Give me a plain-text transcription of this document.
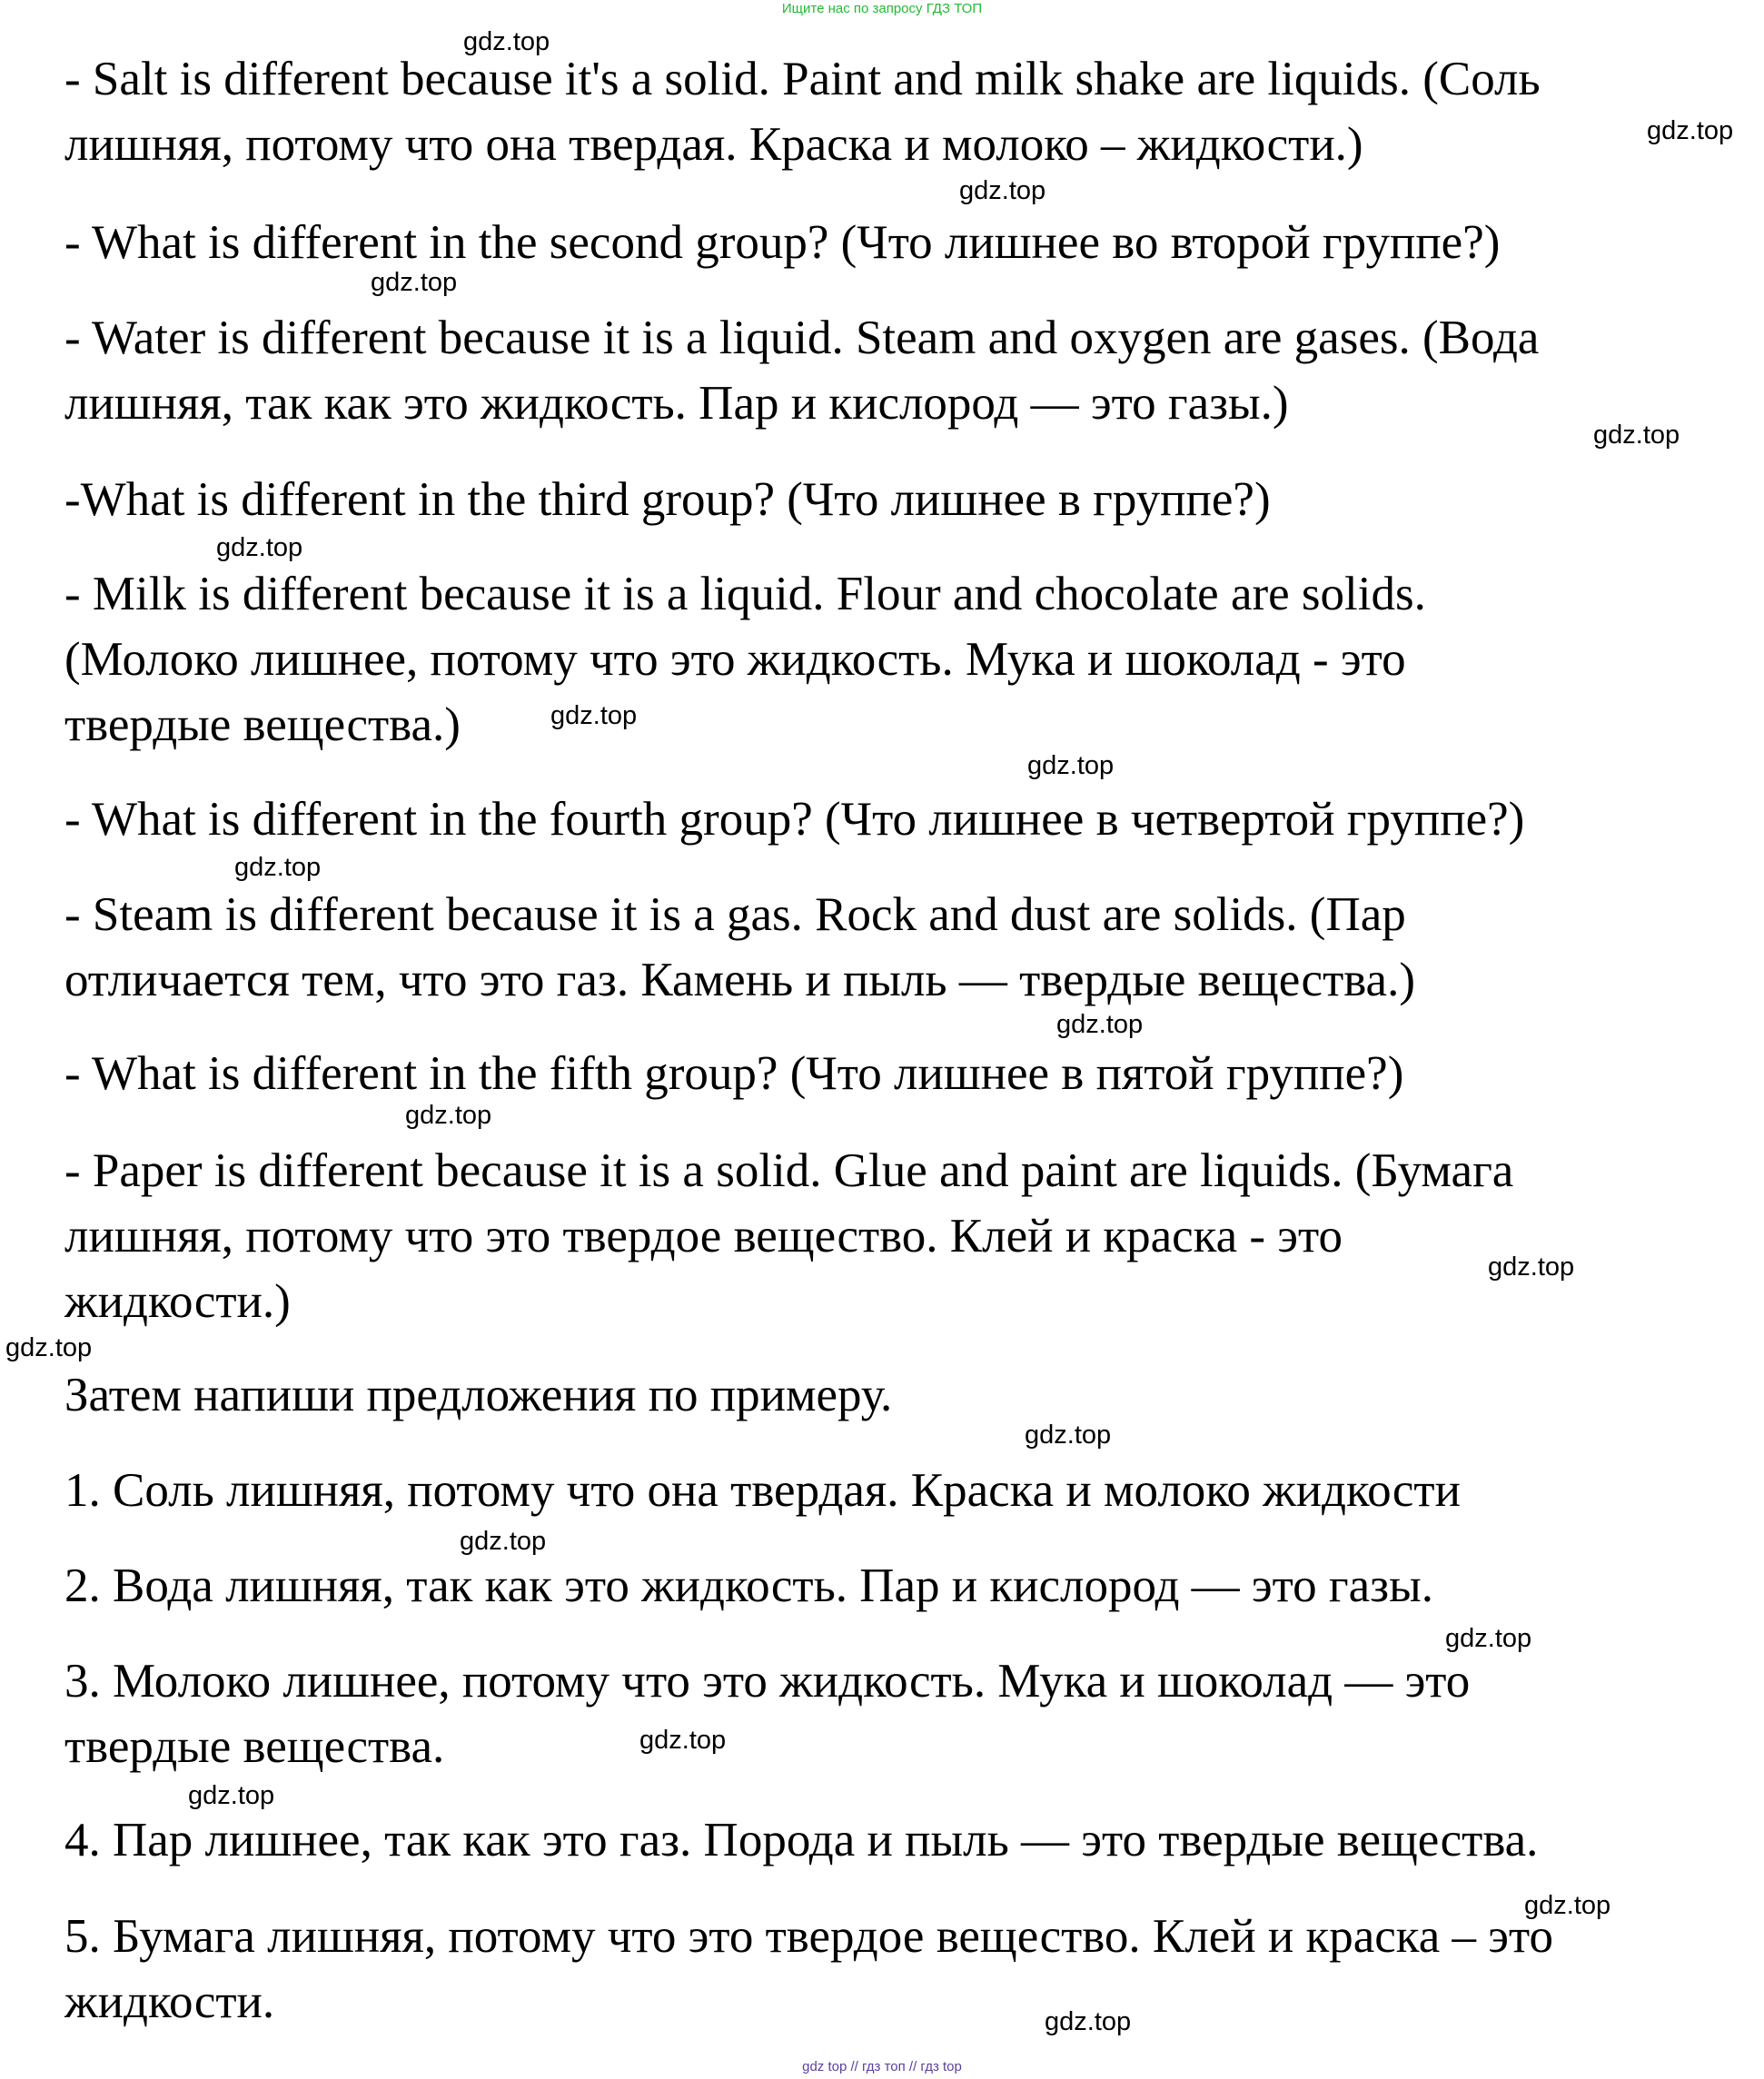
Ищите нас по запросу ГДЗ ТОП
- Salt is different because it's a solid. Paint and milk shake are liquids. (Соль
лишняя, потому что она твердая. Краска и молоко – жидкости.)
- What is different in the second group? (Что лишнее во второй группе?)
- Water is different because it is a liquid. Steam and oxygen are gases. (Вода
лишняя, так как это жидкость. Пар и кислород — это газы.)
-What is different in the third group? (Что лишнее в группе?)
- Milk is different because it is a liquid. Flour and chocolate are solids.
(Молоко лишнее, потому что это жидкость. Мука и шоколад - это
твердые вещества.)
- What is different in the fourth group? (Что лишнее в четвертой группе?)
- Steam is different because it is a gas. Rock and dust are solids. (Пар
отличается тем, что это газ. Камень и пыль — твердые вещества.)
- What is different in the fifth group? (Что лишнее в пятой группе?)
- Paper is different because it is a solid. Glue and paint are liquids. (Бумага
лишняя, потому что это твердое вещество. Клей и краска - это
жидкости.)
Затем напиши предложения по примеру.
1. Соль лишняя, потому что она твердая. Краска и молоко жидкости
2. Вода лишняя, так как это жидкость. Пар и кислород — это газы.
3. Молоко лишнее, потому что это жидкость. Мука и шоколад — это
твердые вещества.
4. Пар лишнее, так как это газ. Порода и пыль — это твердые вещества.
5. Бумага лишняя, потому что это твердое вещество. Клей и краска – это
жидкости.
gdz.top
gdz.top
gdz.top
gdz.top
gdz.top
gdz.top
gdz.top
gdz.top
gdz.top
gdz.top
gdz.top
gdz.top
gdz.top
gdz.top
gdz.top
gdz.top
gdz.top
gdz.top
gdz.top
gdz.top
gdz top // гдз топ // гдз top
